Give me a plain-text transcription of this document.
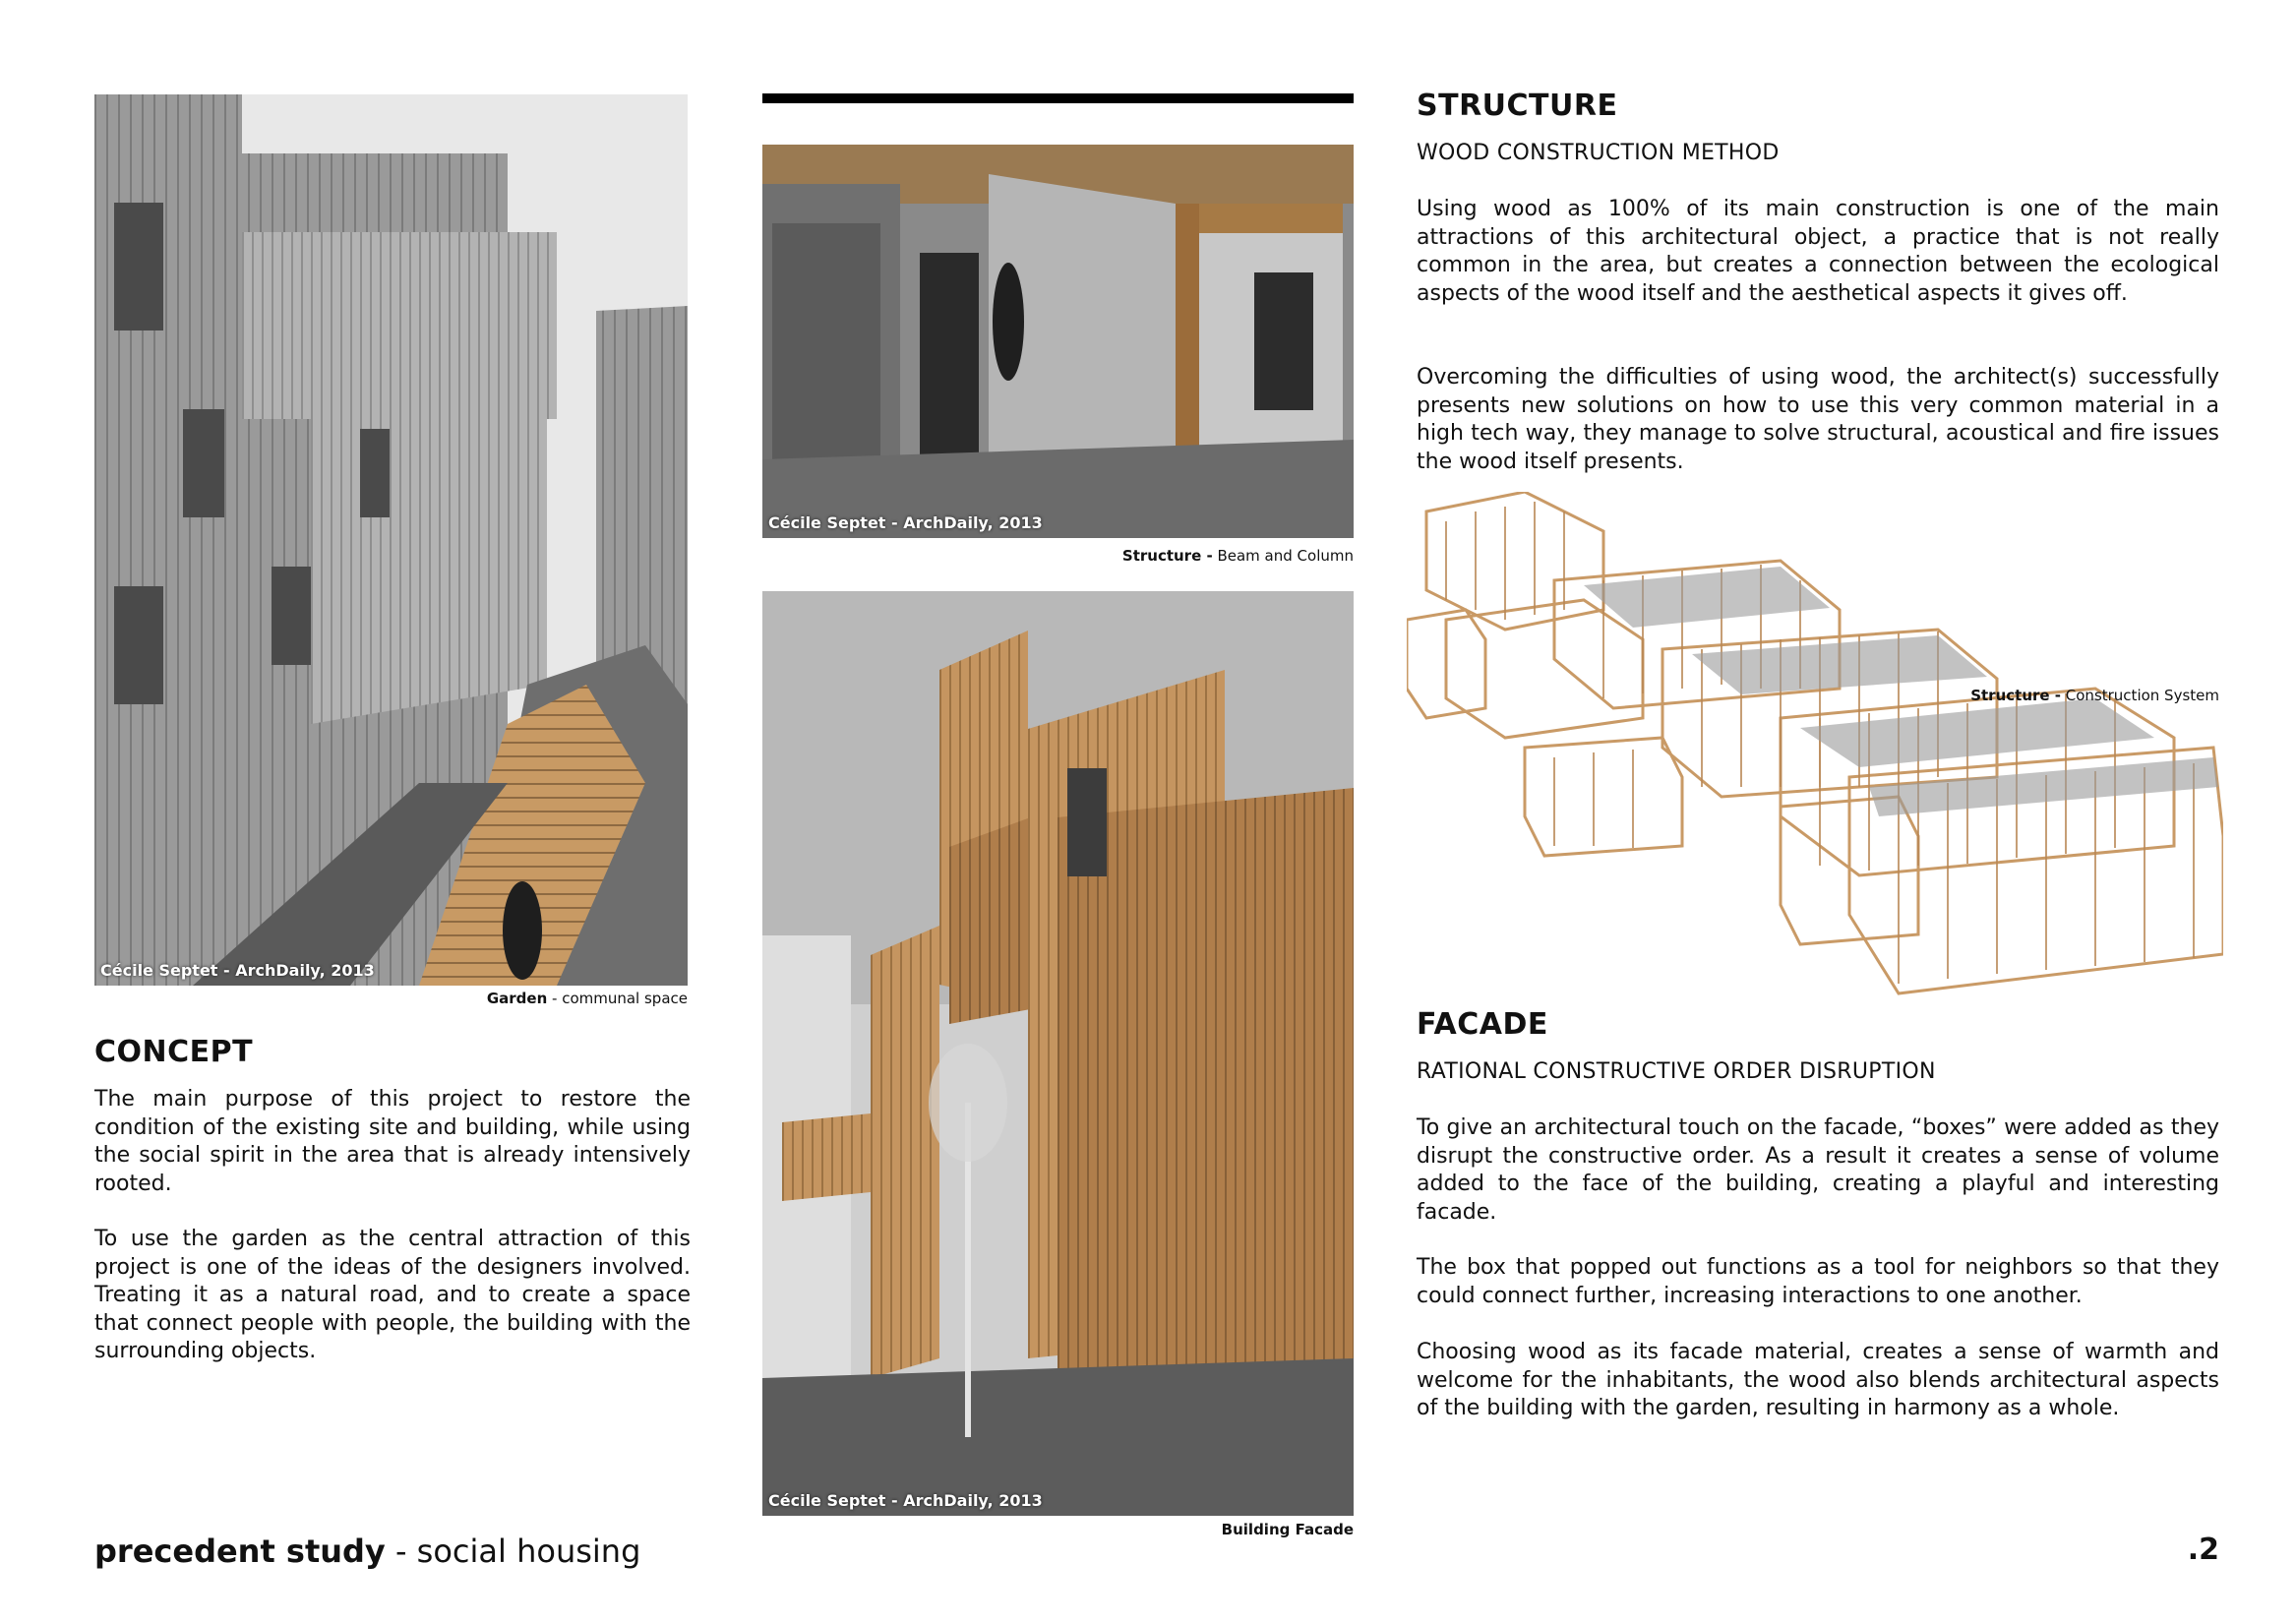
Cécile Septet - ArchDaily, 2013
Garden - communal space
CONCEPT
The main purpose of this project to restore the condition of the existing site and building, while using the social spirit in the area that is already intensively rooted.
To use the garden as the central attraction of this project is one of the ideas of the designers involved. Treating it as a natural road, and to create a space that connect people with people, the building with the surrounding objects.
Cécile Septet - ArchDaily, 2013
Structure - Beam and Column
Cécile Septet - ArchDaily, 2013
Building Facade
STRUCTURE
WOOD CONSTRUCTION METHOD
Using wood as 100% of its main construction is one of the main attractions of this architectural object, a practice that is not really common in the area, but creates a connection between the ecological aspects of the wood itself and the aesthetical aspects it gives off.
Overcoming the difficulties of using wood, the architect(s) successfully presents new solutions on how to use this very common material in a high tech way, they manage to solve structural, acoustical and fire issues the wood itself presents.
Structure - Construction System
FACADE
RATIONAL CONSTRUCTIVE ORDER DISRUPTION
To give an architectural touch on the facade, “boxes” were added as they disrupt the constructive order. As a result it creates a sense of volume added to the face of the building, creating a playful and interesting facade.
The box that popped out functions as a tool for neighbors so that they could connect further, increasing interactions to one another.
Choosing wood as its facade material, creates a sense of warmth and welcome for the inhabitants, the wood also blends architectural aspects of the building with the garden, resulting in harmony as a whole.
precedent study - social housing	.2
